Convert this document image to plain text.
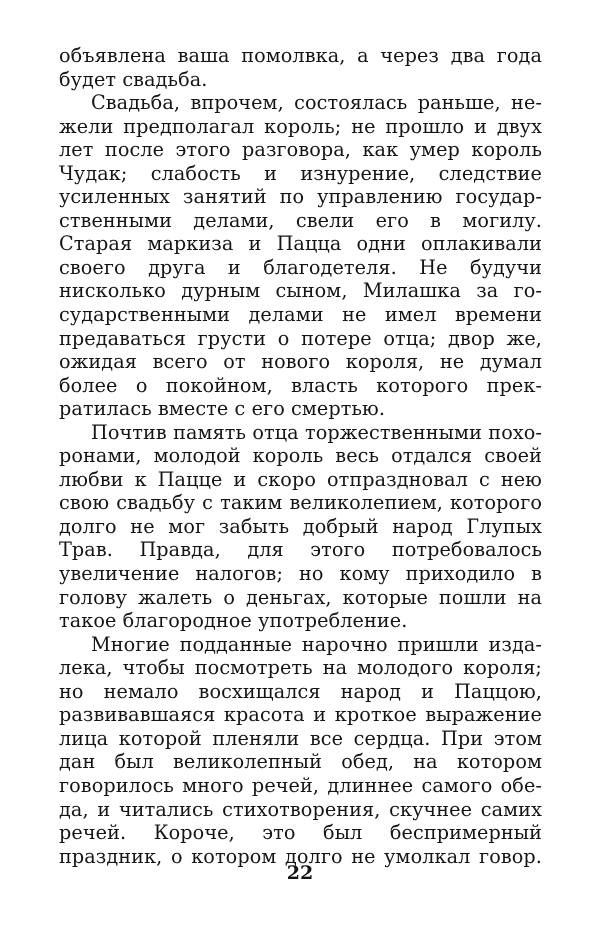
объявлена ваша помолвка, а через два года
будет свадьба.
Свадьба, впрочем, состоялась раньше, не-
жели предполагал король; не прошло и двух
лет после этого разговора, как умер король
Чудак; слабость и изнурение, следствие
усиленных занятий по управлению государ-
ственными делами, свели его в могилу.
Старая маркиза и Пацца одни оплакивали
своего друга и благодетеля. Не будучи
нисколько дурным сыном, Милашка за го-
сударственными делами не имел времени
предаваться грусти о потере отца; двор же,
ожидая всего от нового короля, не думал
более о покойном, власть которого прек-
ратилась вместе с его смертью.
Почтив память отца торжественными похо-
ронами, молодой король весь отдался своей
любви к Пацце и скоро отпраздновал с нею
свою свадьбу с таким великолепием, которого
долго не мог забыть добрый народ Глупых
Трав. Правда, для этого потребовалось
увеличение налогов; но кому приходило в
голову жалеть о деньгах, которые пошли на
такое благородное употребление.
Многие подданные нарочно пришли изда-
лека, чтобы посмотреть на молодого короля;
но немало восхищался народ и Паццою,
развивавшаяся красота и кроткое выражение
лица которой пленяли все сердца. При этом
дан был великолепный обед, на котором
говорилось много речей, длиннее самого обе-
да, и читались стихотворения, скучнее самих
речей. Короче, это был беспримерный
праздник, о котором долго не умолкал говор.
22
